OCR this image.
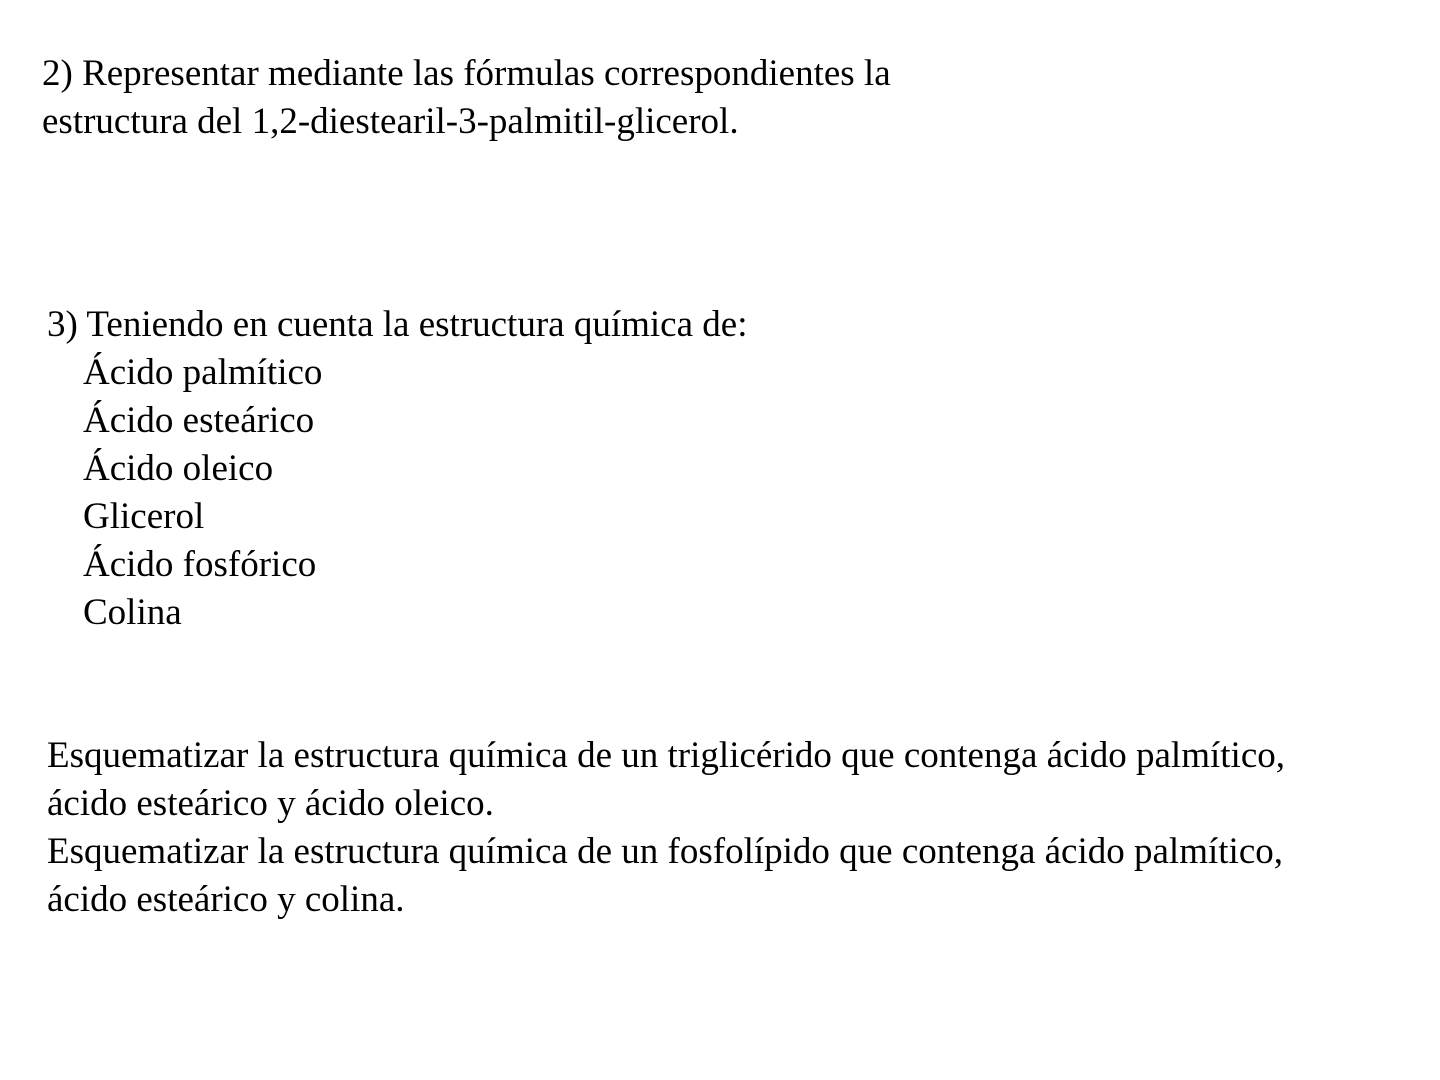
2) Representar mediante las fórmulas correspondientes la
estructura del 1,2-diestearil-3-palmitil-glicerol.
3) Teniendo en cuenta la estructura química de:
Ácido palmítico
Ácido esteárico
Ácido oleico
Glicerol
Ácido fosfórico
Colina
Esquematizar la estructura química de un triglicérido que contenga ácido palmítico,
ácido esteárico y ácido oleico.
Esquematizar la estructura química de un fosfolípido que contenga ácido palmítico,
ácido esteárico y colina.
